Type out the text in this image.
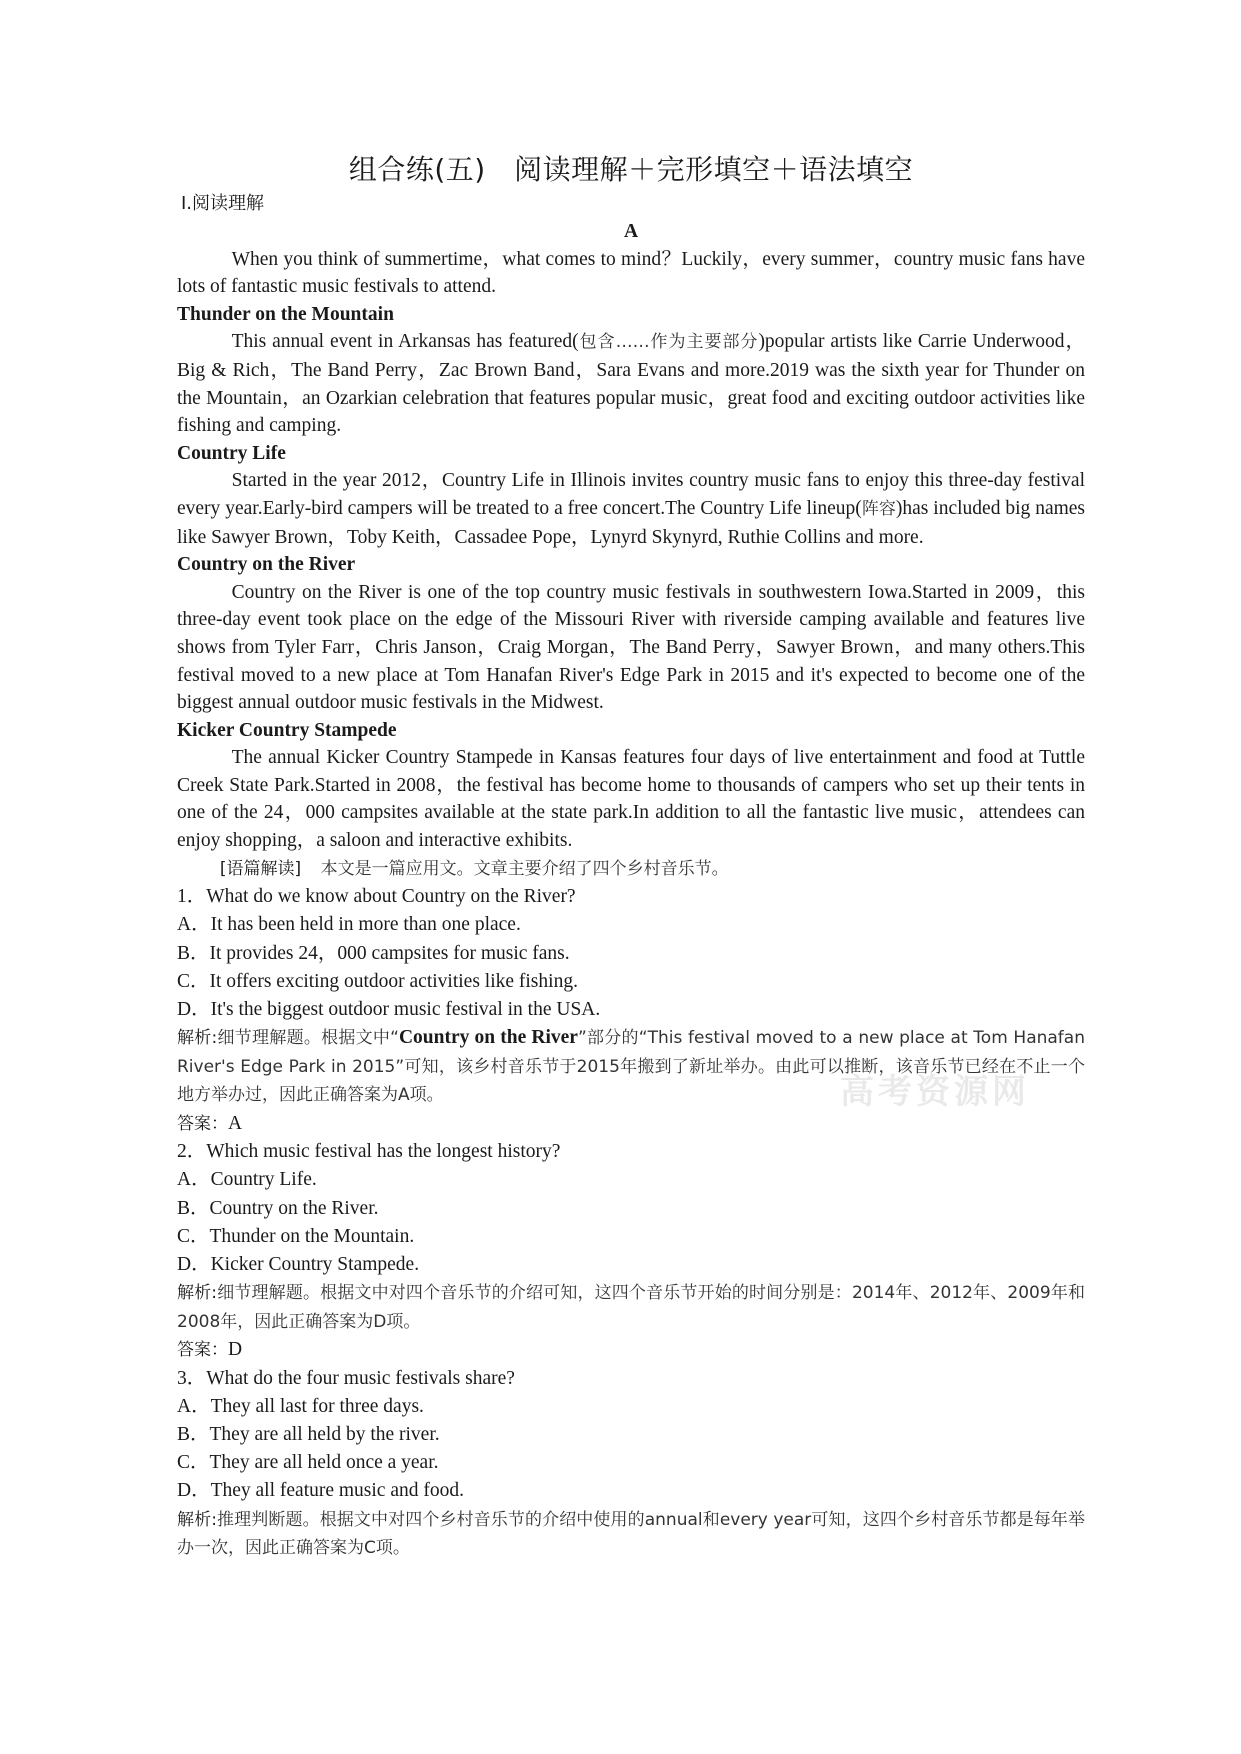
高考资源网
组合练(五)　阅读理解＋完形填空＋语法填空
Ⅰ.阅读理解
A

When you think of summertime，what comes to mind？Luckily，every summer，country music fans have lots of fantastic music festivals to attend.

Thunder on the Mountain

This annual event in Arkansas has featured(包含……作为主要部分)popular artists like Carrie Underwood，Big & Rich，The Band Perry，Zac Brown Band，Sara Evans and more.2019 was the sixth year for Thunder on the Mountain，an Ozarkian celebration that features popular music，great food and exciting outdoor activities like fishing and camping.

Country Life

Started in the year 2012，Country Life in Illinois invites country music fans to enjoy this three-day festival every year.Early-bird campers will be treated to a free concert.The Country Life lineup(阵容)has included big names like Sawyer Brown，Toby Keith，Cassadee Pope，Lynyrd Skynyrd, Ruthie Collins and more.

Country on the River

Country on the River is one of the top country music festivals in southwestern Iowa.Started in 2009，this three-day event took place on the edge of the Missouri River with riverside camping available and features live shows from Tyler Farr，Chris Janson，Craig Morgan，The Band Perry，Sawyer Brown，and many others.This festival moved to a new place at Tom Hanafan River's Edge Park in 2015 and it's expected to become one of the biggest annual outdoor music festivals in the Midwest.

Kicker Country Stampede

The annual Kicker Country Stampede in Kansas features four days of live entertainment and food at Tuttle Creek State Park.Started in 2008，the festival has become home to thousands of campers who set up their tents in one of the 24，000 campsites available at the state park.In addition to all the fantastic live music，attendees can enjoy shopping，a saloon and interactive exhibits.

[语篇解读]　 本文是一篇应用文。文章主要介绍了四个乡村音乐节。

1．What do we know about Country on the River?

A．It has been held in more than one place.

B．It provides 24，000 campsites for music fans.

C．It offers exciting outdoor activities like fishing.

D．It's the biggest outdoor music festival in the USA.

解析:细节理解题。根据文中“Country on the River”部分的“This festival moved to a new place at Tom Hanafan River's Edge Park in 2015”可知，该乡村音乐节于2015年搬到了新址举办。由此可以推断，该音乐节已经在不止一个地方举办过，因此正确答案为A项。

答案：A

2．Which music festival has the longest history?

A．Country Life.

B．Country on the River.

C．Thunder on the Mountain.

D．Kicker Country Stampede.

解析:细节理解题。根据文中对四个音乐节的介绍可知，这四个音乐节开始的时间分别是：2014年、2012年、2009年和2008年，因此正确答案为D项。

答案：D

3．What do the four music festivals share?

A．They all last for three days.

B．They are all held by the river.

C．They are all held once a year.

D．They all feature music and food.

解析:推理判断题。根据文中对四个乡村音乐节的介绍中使用的annual和every year可知，这四个乡村音乐节都是每年举办一次，因此正确答案为C项。
